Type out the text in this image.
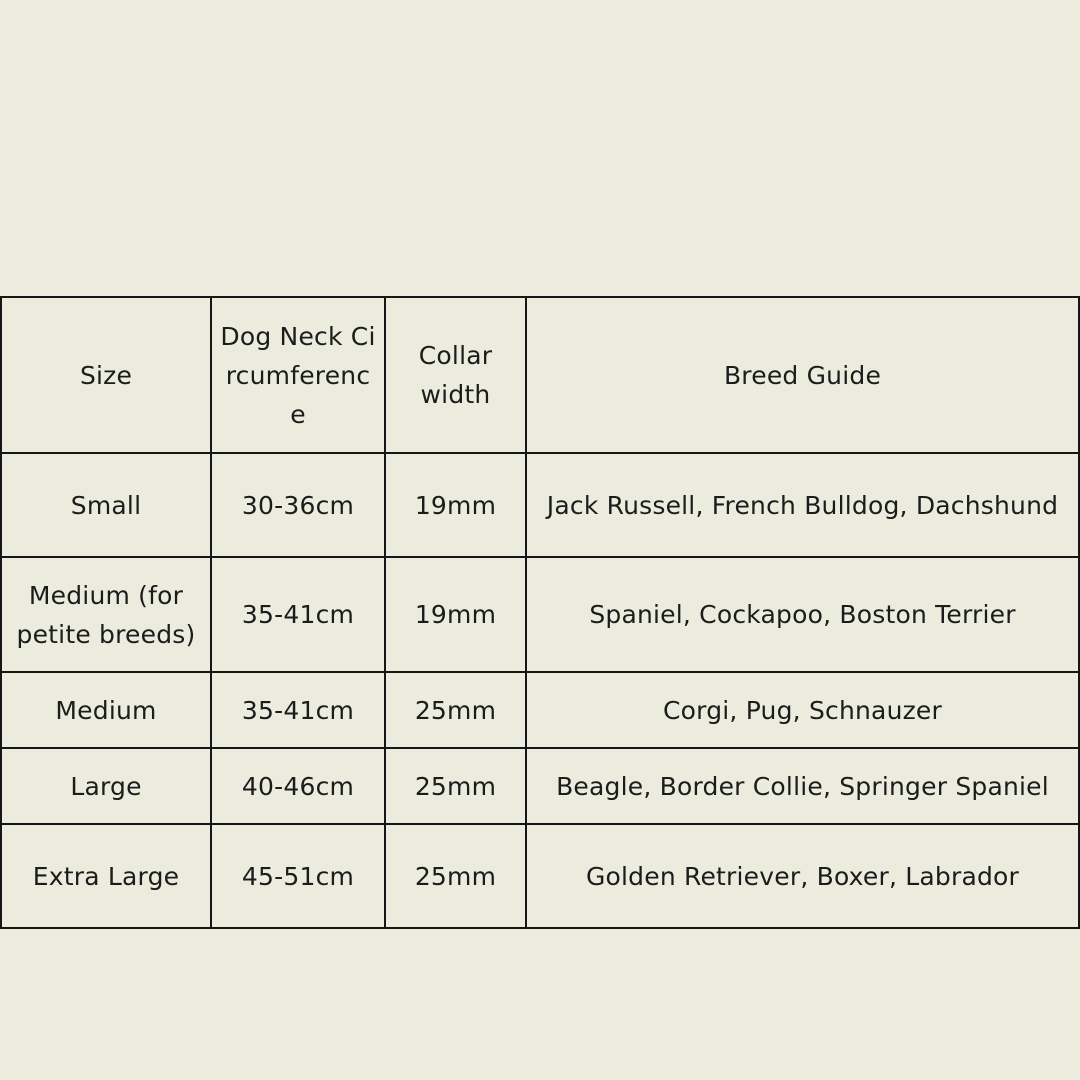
Size	Dog Neck Circumference	Collar width	Breed Guide
Small	30-36cm	19mm	Jack Russell, French Bulldog, Dachshund
Medium (for petite breeds)	35-41cm	19mm	Spaniel, Cockapoo, Boston Terrier
Medium	35-41cm	25mm	Corgi, Pug, Schnauzer
Large	40-46cm	25mm	Beagle, Border Collie, Springer Spaniel
Extra Large	45-51cm	25mm	Golden Retriever, Boxer, Labrador
